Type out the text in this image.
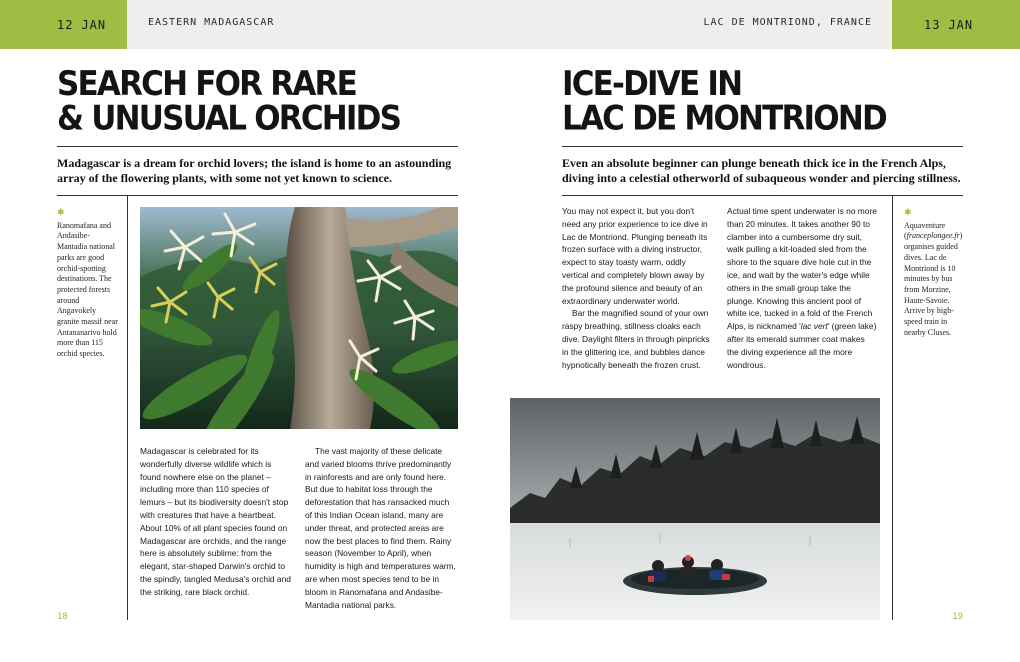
12 JAN	EASTERN MADAGASCAR	LAC DE MONTRIOND, FRANCE	13 JAN
SEARCH FOR RARE
& UNUSUAL ORCHIDS

Madagascar is a dream for orchid lovers; the island is home to an astounding array of the flowering plants, with some not yet known to science.

✱
Ranomafana and Andasibe-Mantadia national parks are good orchid-spotting destinations. The protected forests around Angavokely granite massif near Antananarivo hold more than 115 orchid species.

Madagascar is celebrated for its wonderfully diverse wildlife which is found nowhere else on the planet – including more than 110 species of lemurs – but its biodiversity doesn't stop with creatures that have a heartbeat. About 10% of all plant species found on Madagascar are orchids, and the range here is absolutely sublime: from the elegant, star-shaped Darwin's orchid to the spindly, tangled Medusa's orchid and the striking, rare black orchid.

The vast majority of these delicate and varied blooms thrive predominantly in rainforests and are only found here. But due to habitat loss through the deforestation that has ransacked much of this Indian Ocean island, many are under threat, and protected areas are now the best places to find them. Rainy season (November to April), when humidity is high and temperatures warm, are when most species tend to be in bloom in Ranomafana and Andasibe-Mantadia national parks.

18
ICE-DIVE IN
LAC DE MONTRIOND

Even an absolute beginner can plunge beneath thick ice in the French Alps, diving into a celestial otherworld of subaqueous wonder and piercing stillness.

You may not expect it, but you don't need any prior experience to ice dive in Lac de Montriond. Plunging beneath its frozen surface with a diving instructor, expect to stay toasty warm, oddly vertical and completely blown away by the profound silence and beauty of an extraordinary underwater world.

Bar the magnified sound of your own raspy breathing, stillness cloaks each dive. Daylight filters in through pinpricks in the glittering ice, and bubbles dance hypnotically beneath the frozen crust.

Actual time spent underwater is no more than 20 minutes. It takes another 90 to clamber into a cumbersome dry suit, walk pulling a kit-loaded sled from the shore to the square dive hole cut in the ice, and wait by the water's edge while others in the small group take the plunge. Knowing this ancient pool of white ice, tucked in a fold of the French Alps, is nicknamed 'lac vert' (green lake) after its emerald summer coat makes the diving experience all the more wondrous.

✱
Aquaventure (franceplongee.fr) organises guided dives. Lac de Montriond is 10 minutes by bus from Morzine, Haute-Savoie. Arrive by high-speed train in nearby Cluses.
19
